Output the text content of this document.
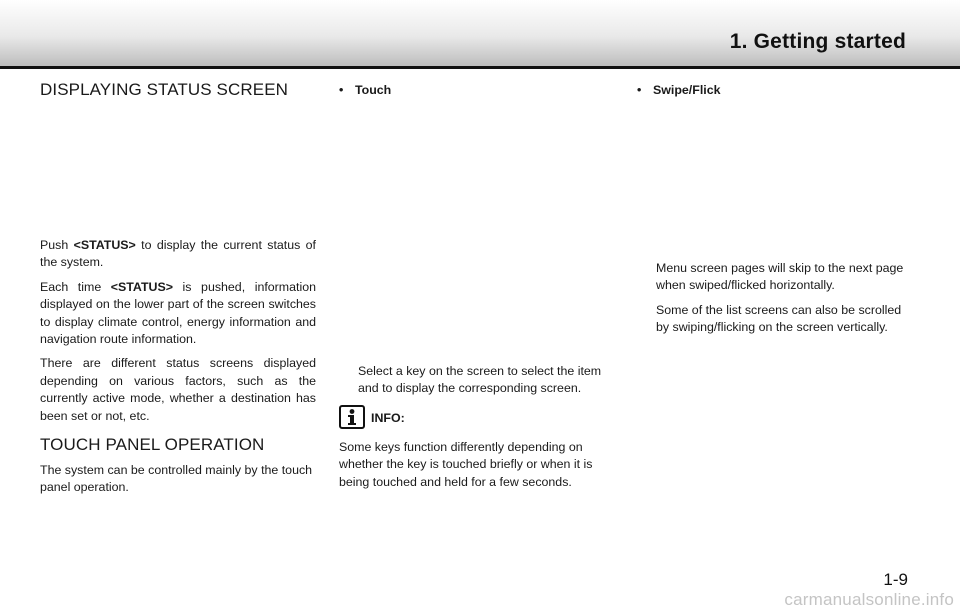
1. Getting started
DISPLAYING STATUS SCREEN

Push <STATUS> to display the current status of the system.

Each time <STATUS> is pushed, information displayed on the lower part of the screen switches to display climate control, energy information and navigation route information.

There are different status screens displayed depending on various factors, such as the currently active mode, whether a destination has been set or not, etc.

TOUCH PANEL OPERATION

The system can be controlled mainly by the touch panel operation.

• Touch

Select a key on the screen to select the item and to display the corresponding screen.

INFO:

Some keys function differently depending on whether the key is touched briefly or when it is being touched and held for a few seconds.

• Swipe/Flick

Menu screen pages will skip to the next page when swiped/flicked horizontally.

Some of the list screens can also be scrolled by swiping/flicking on the screen vertically.

1-9
carmanualsonline.info
